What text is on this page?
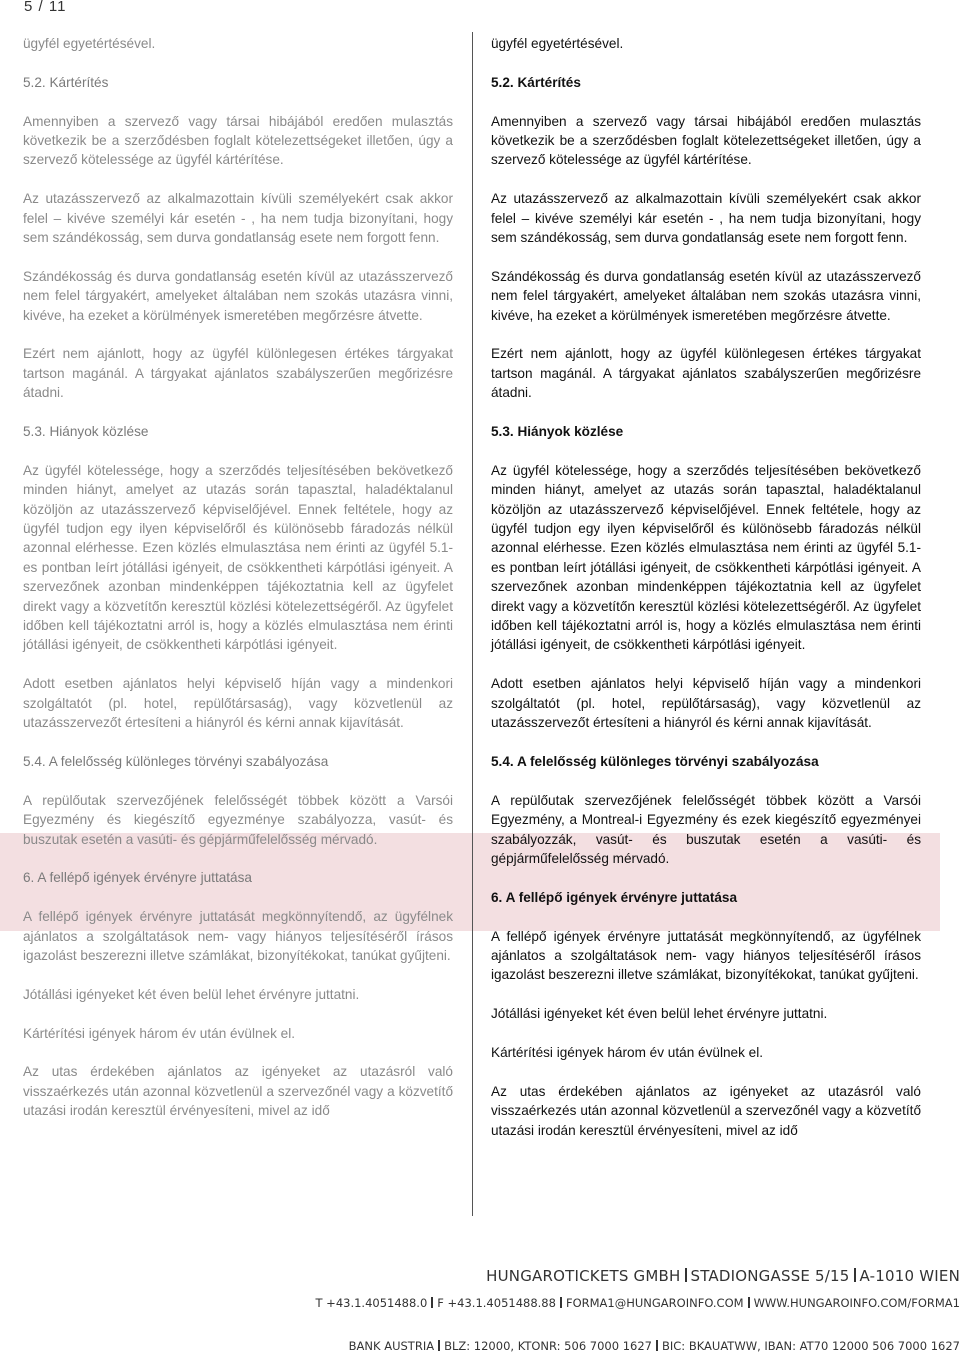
5 / 11

ügyfél egyetértésével.

5.2. Kártérítés

Amennyiben a szervező vagy társai hibájából eredően mulasztás következik be a szerződésben foglalt kötelezettségeket illetően, úgy a szervező kötelessége az ügyfél kártérítése.

Az utazásszervező az alkalmazottain kívüli személyekért csak akkor felel – kivéve személyi kár esetén - , ha nem tudja bizonyítani, hogy sem szándékosság, sem durva gondatlanság esete nem forgott fenn.

Szándékosság és durva gondatlanság esetén kívül az utazásszervező nem felel tárgyakért, amelyeket általában nem szokás utazásra vinni, kivéve, ha ezeket a körülmények ismeretében megőrzésre átvette.

Ezért nem ajánlott, hogy az ügyfél különlegesen értékes tárgyakat tartson magánál. A tárgyakat ajánlatos szabályszerűen megőrizésre átadni.

5.3. Hiányok közlése

Az ügyfél kötelessége, hogy a szerződés teljesítésében bekövetkező minden hiányt, amelyet az utazás során tapasztal, haladéktalanul közöljön az utazásszervező képviselőjével. Ennek feltétele, hogy az ügyfél tudjon egy ilyen képviselőről és különösebb fáradozás nélkül azonnal elérhesse. Ezen közlés elmulasztása nem érinti az ügyfél 5.1-es pontban leírt jótállási igényeit, de csökkentheti kárpótlási igényeit. A szervezőnek azonban mindenképpen tájékoztatnia kell az ügyfelet direkt vagy a közvetítőn keresztül közlési kötelezettségéről. Az ügyfelet időben kell tájékoztatni arról is, hogy a közlés elmulasztása nem érinti jótállási igényeit, de csökkentheti kárpótlási igényeit.

Adott esetben ajánlatos helyi képviselő híján vagy a mindenkori szolgáltatót (pl. hotel, repülőtársaság), vagy közvetlenül az utazásszervezőt értesíteni a hiányról és kérni annak kijavítását.

5.4. A felelősség különleges törvényi szabályozása

A repülőutak szervezőjének felelősségét többek között a Varsói Egyezmény és kiegészítő egyezménye szabályozza, vasút- és buszutak esetén a vasúti- és gépjárműfelelősség mérvadó.

6. A fellépő igények érvényre juttatása

A fellépő igények érvényre juttatását megkönnyítendő, az ügyfélnek ajánlatos a szolgáltatások nem- vagy hiányos teljesítéséről írásos igazolást beszerezni illetve számlákat, bizonyítékokat, tanúkat gyűjteni.

Jótállási igényeket két éven belül lehet érvényre juttatni.

Kártérítési igények három év után évülnek el.

Az utas érdekében ajánlatos az igényeket az utazásról való visszaérkezés után azonnal közvetlenül a szervezőnél vagy a közvetítő utazási irodán keresztül érvényesíteni, mivel az idő

ügyfél egyetértésével.

5.2. Kártérítés

Amennyiben a szervező vagy társai hibájából eredően mulasztás következik be a szerződésben foglalt kötelezettségeket illetően, úgy a szervező kötelessége az ügyfél kártérítése.

Az utazásszervező az alkalmazottain kívüli személyekért csak akkor felel – kivéve személyi kár esetén - , ha nem tudja bizonyítani, hogy sem szándékosság, sem durva gondatlanság esete nem forgott fenn.

Szándékosság és durva gondatlanság esetén kívül az utazásszervező nem felel tárgyakért, amelyeket általában nem szokás utazásra vinni, kivéve, ha ezeket a körülmények ismeretében megőrzésre átvette.

Ezért nem ajánlott, hogy az ügyfél különlegesen értékes tárgyakat tartson magánál. A tárgyakat ajánlatos szabályszerűen megőrizésre átadni.

5.3. Hiányok közlése

Az ügyfél kötelessége, hogy a szerződés teljesítésében bekövetkező minden hiányt, amelyet az utazás során tapasztal, haladéktalanul közöljön az utazásszervező képviselőjével. Ennek feltétele, hogy az ügyfél tudjon egy ilyen képviselőről és különösebb fáradozás nélkül azonnal elérhesse. Ezen közlés elmulasztása nem érinti az ügyfél 5.1-es pontban leírt jótállási igényeit, de csökkentheti kárpótlási igényeit. A szervezőnek azonban mindenképpen tájékoztatnia kell az ügyfelet direkt vagy a közvetítőn keresztül közlési kötelezettségéről. Az ügyfelet időben kell tájékoztatni arról is, hogy a közlés elmulasztása nem érinti jótállási igényeit, de csökkentheti kárpótlási igényeit.

Adott esetben ajánlatos helyi képviselő híján vagy a mindenkori szolgáltatót (pl. hotel, repülőtársaság), vagy közvetlenül az utazásszervezőt értesíteni a hiányról és kérni annak kijavítását.

5.4. A felelősség különleges törvényi szabályozása

A repülőutak szervezőjének felelősségét többek között a Varsói Egyezmény, a Montreal-i Egyezmény és ezek kiegészítő egyezményei szabályozzák, vasút- és buszutak esetén a vasúti- és gépjárműfelelősség mérvadó.

6. A fellépő igények érvényre juttatása

A fellépő igények érvényre juttatását megkönnyítendő, az ügyfélnek ajánlatos a szolgáltatások nem- vagy hiányos teljesítéséről írásos igazolást beszerezni illetve számlákat, bizonyítékokat, tanúkat gyűjteni.

Jótállási igényeket két éven belül lehet érvényre juttatni.

Kártérítési igények három év után évülnek el.

Az utas érdekében ajánlatos az igényeket az utazásról való visszaérkezés után azonnal közvetlenül a szervezőnél vagy a közvetítő utazási irodán keresztül érvényesíteni, mivel az idő

HUNGAROTICKETS GMBH STADIONGASSE 5/15 A-1010 WIEN
T +43.1.4051488.0 F +43.1.4051488.88 FORMA1@HUNGAROINFO.COM WWW.HUNGAROINFO.COM/FORMA1
BANK AUSTRIA BLZ: 12000, KTONR: 506 7000 1627 BIC: BKAUATWW, IBAN: AT70 12000 506 7000 1627
